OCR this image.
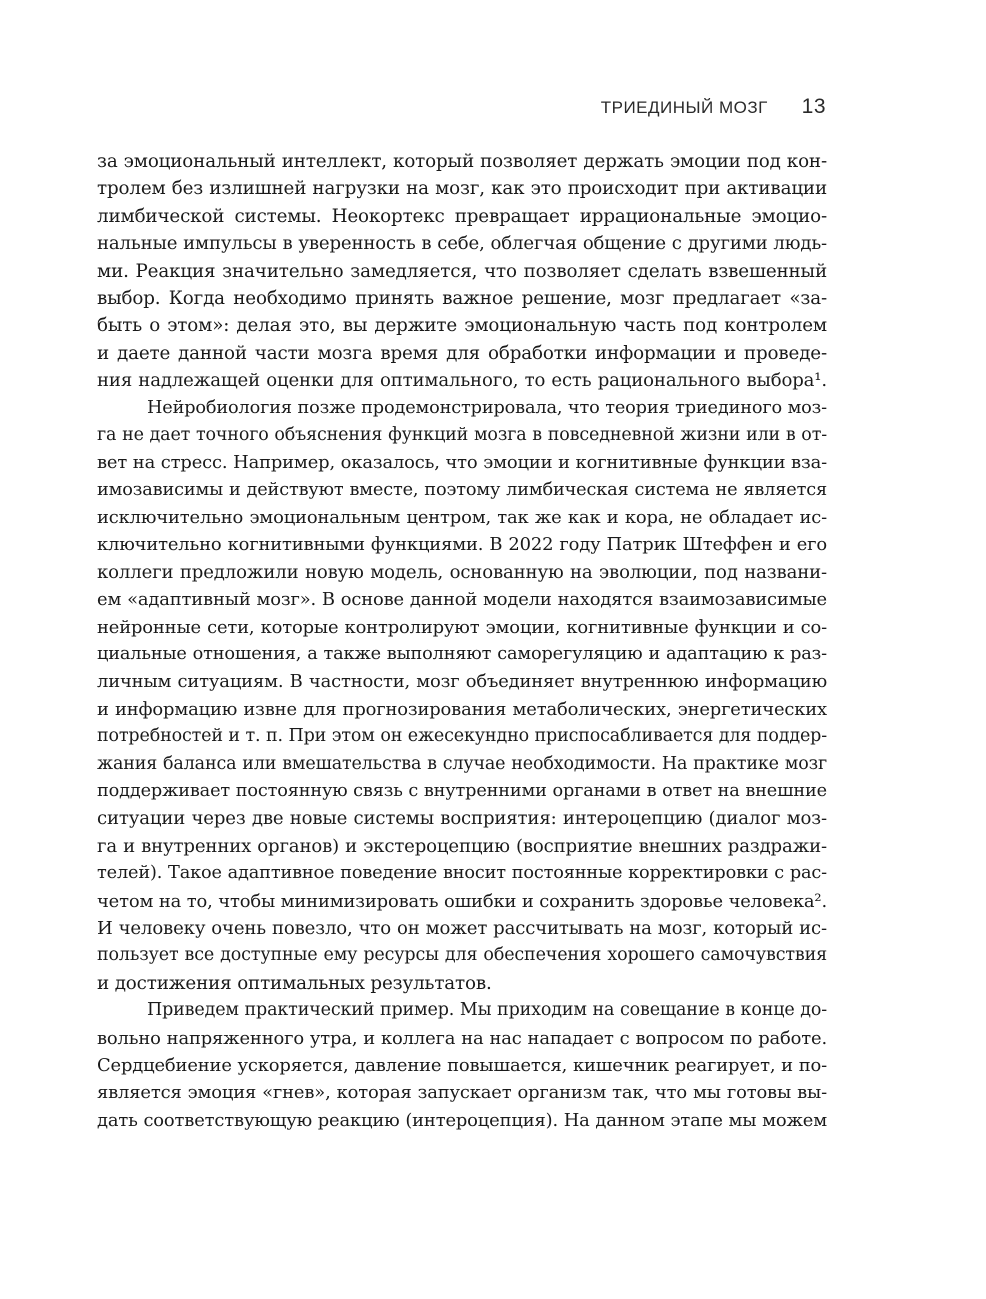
ТРИЕДИНЫЙ МОЗГ 13
за эмоциональный интеллект, который позволяет держать эмоции под кон-
тролем без излишней нагрузки на мозг, как это происходит при активации
лимбической системы. Неокортекс превращает иррациональные эмоцио-
нальные импульсы в уверенность в себе, облегчая общение с другими людь-
ми. Реакция значительно замедляется, что позволяет сделать взвешенный
выбор. Когда необходимо принять важное решение, мозг предлагает «за-
быть о этом»: делая это, вы держите эмоциональную часть под контролем
и даете данной части мозга время для обработки информации и проведе-
ния надлежащей оценки для оптимального, то есть рационального выбора¹.
Нейробиология позже продемонстрировала, что теория триединого моз-
га не дает точного объяснения функций мозга в повседневной жизни или в от-
вет на стресс. Например, оказалось, что эмоции и когнитивные функции вза-
имозависимы и действуют вместе, поэтому лимбическая система не является
исключительно эмоциональным центром, так же как и кора, не обладает ис-
ключительно когнитивными функциями. В 2022 году Патрик Штеффен и его
коллеги предложили новую модель, основанную на эволюции, под названи-
ем «адаптивный мозг». В основе данной модели находятся взаимозависимые
нейронные сети, которые контролируют эмоции, когнитивные функции и со-
циальные отношения, а также выполняют саморегуляцию и адаптацию к раз-
личным ситуациям. В частности, мозг объединяет внутреннюю информацию
и информацию извне для прогнозирования метаболических, энергетических
потребностей и т. п. При этом он ежесекундно приспосабливается для поддер-
жания баланса или вмешательства в случае необходимости. На практике мозг
поддерживает постоянную связь с внутренними органами в ответ на внешние
ситуации через две новые системы восприятия: интероцепцию (диалог моз-
га и внутренних органов) и экстероцепцию (восприятие внешних раздражи-
телей). Такое адаптивное поведение вносит постоянные корректировки с рас-
четом на то, чтобы минимизировать ошибки и сохранить здоровье человека².
И человеку очень повезло, что он может рассчитывать на мозг, который ис-
пользует все доступные ему ресурсы для обеспечения хорошего самочувствия
и достижения оптимальных результатов.
Приведем практический пример. Мы приходим на совещание в конце до-
вольно напряженного утра, и коллега на нас нападает с вопросом по работе.
Сердцебиение ускоряется, давление повышается, кишечник реагирует, и по-
является эмоция «гнев», которая запускает организм так, что мы готовы вы-
дать соответствующую реакцию (интероцепция). На данном этапе мы можем
